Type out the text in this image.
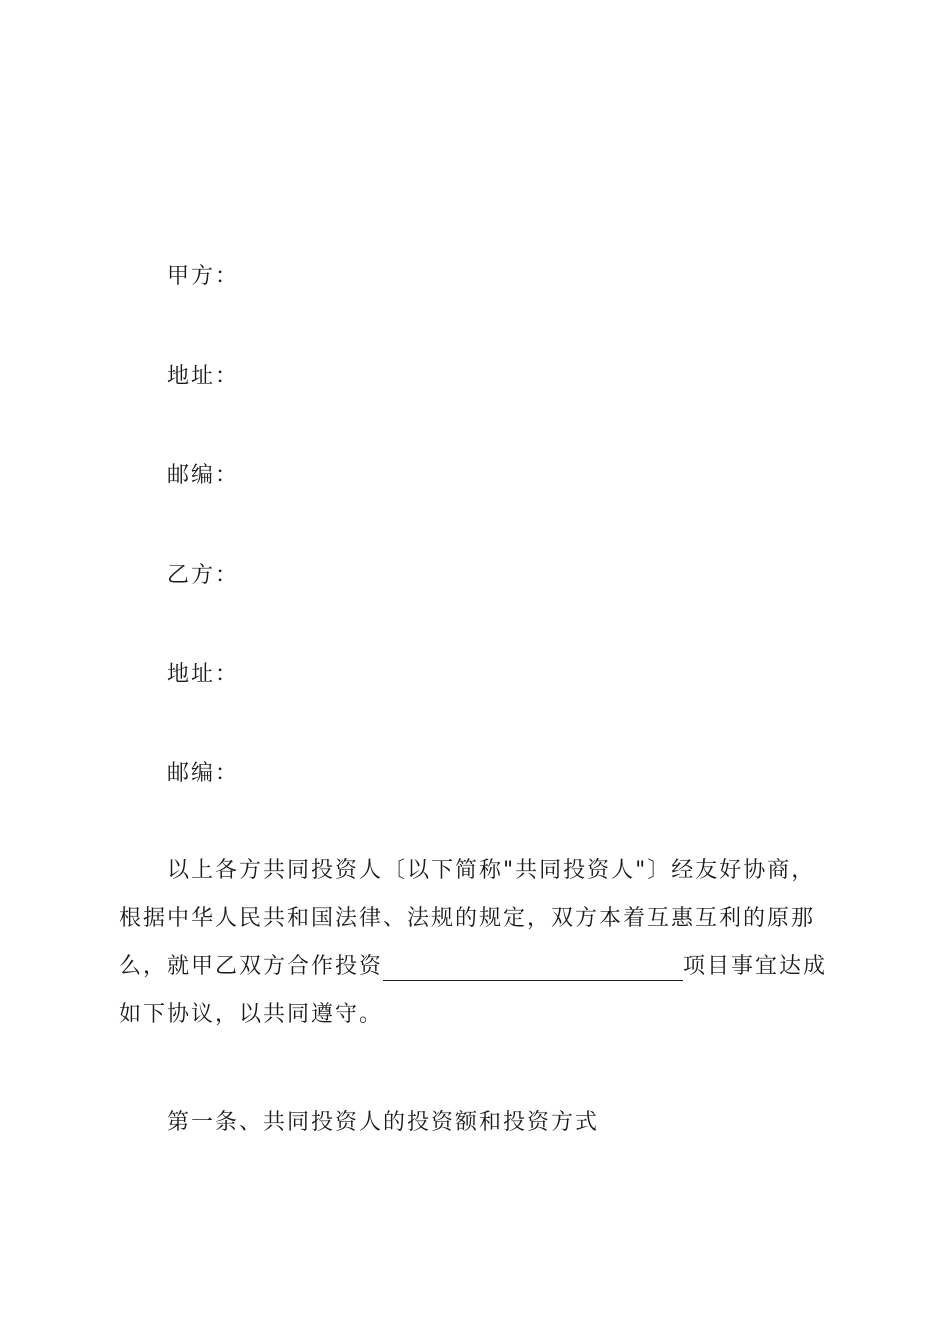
甲方：
地址：
邮编：
乙方：
地址：
邮编：
以上各方共同投资人〔以下简称"共同投资人"〕经友好协商，
根据中华人民共和国法律、法规的规定，双方本着互惠互利的原那
么，就甲乙双方合作投资	项目事宜达成
如下协议，以共同遵守。
第一条、共同投资人的投资额和投资方式
